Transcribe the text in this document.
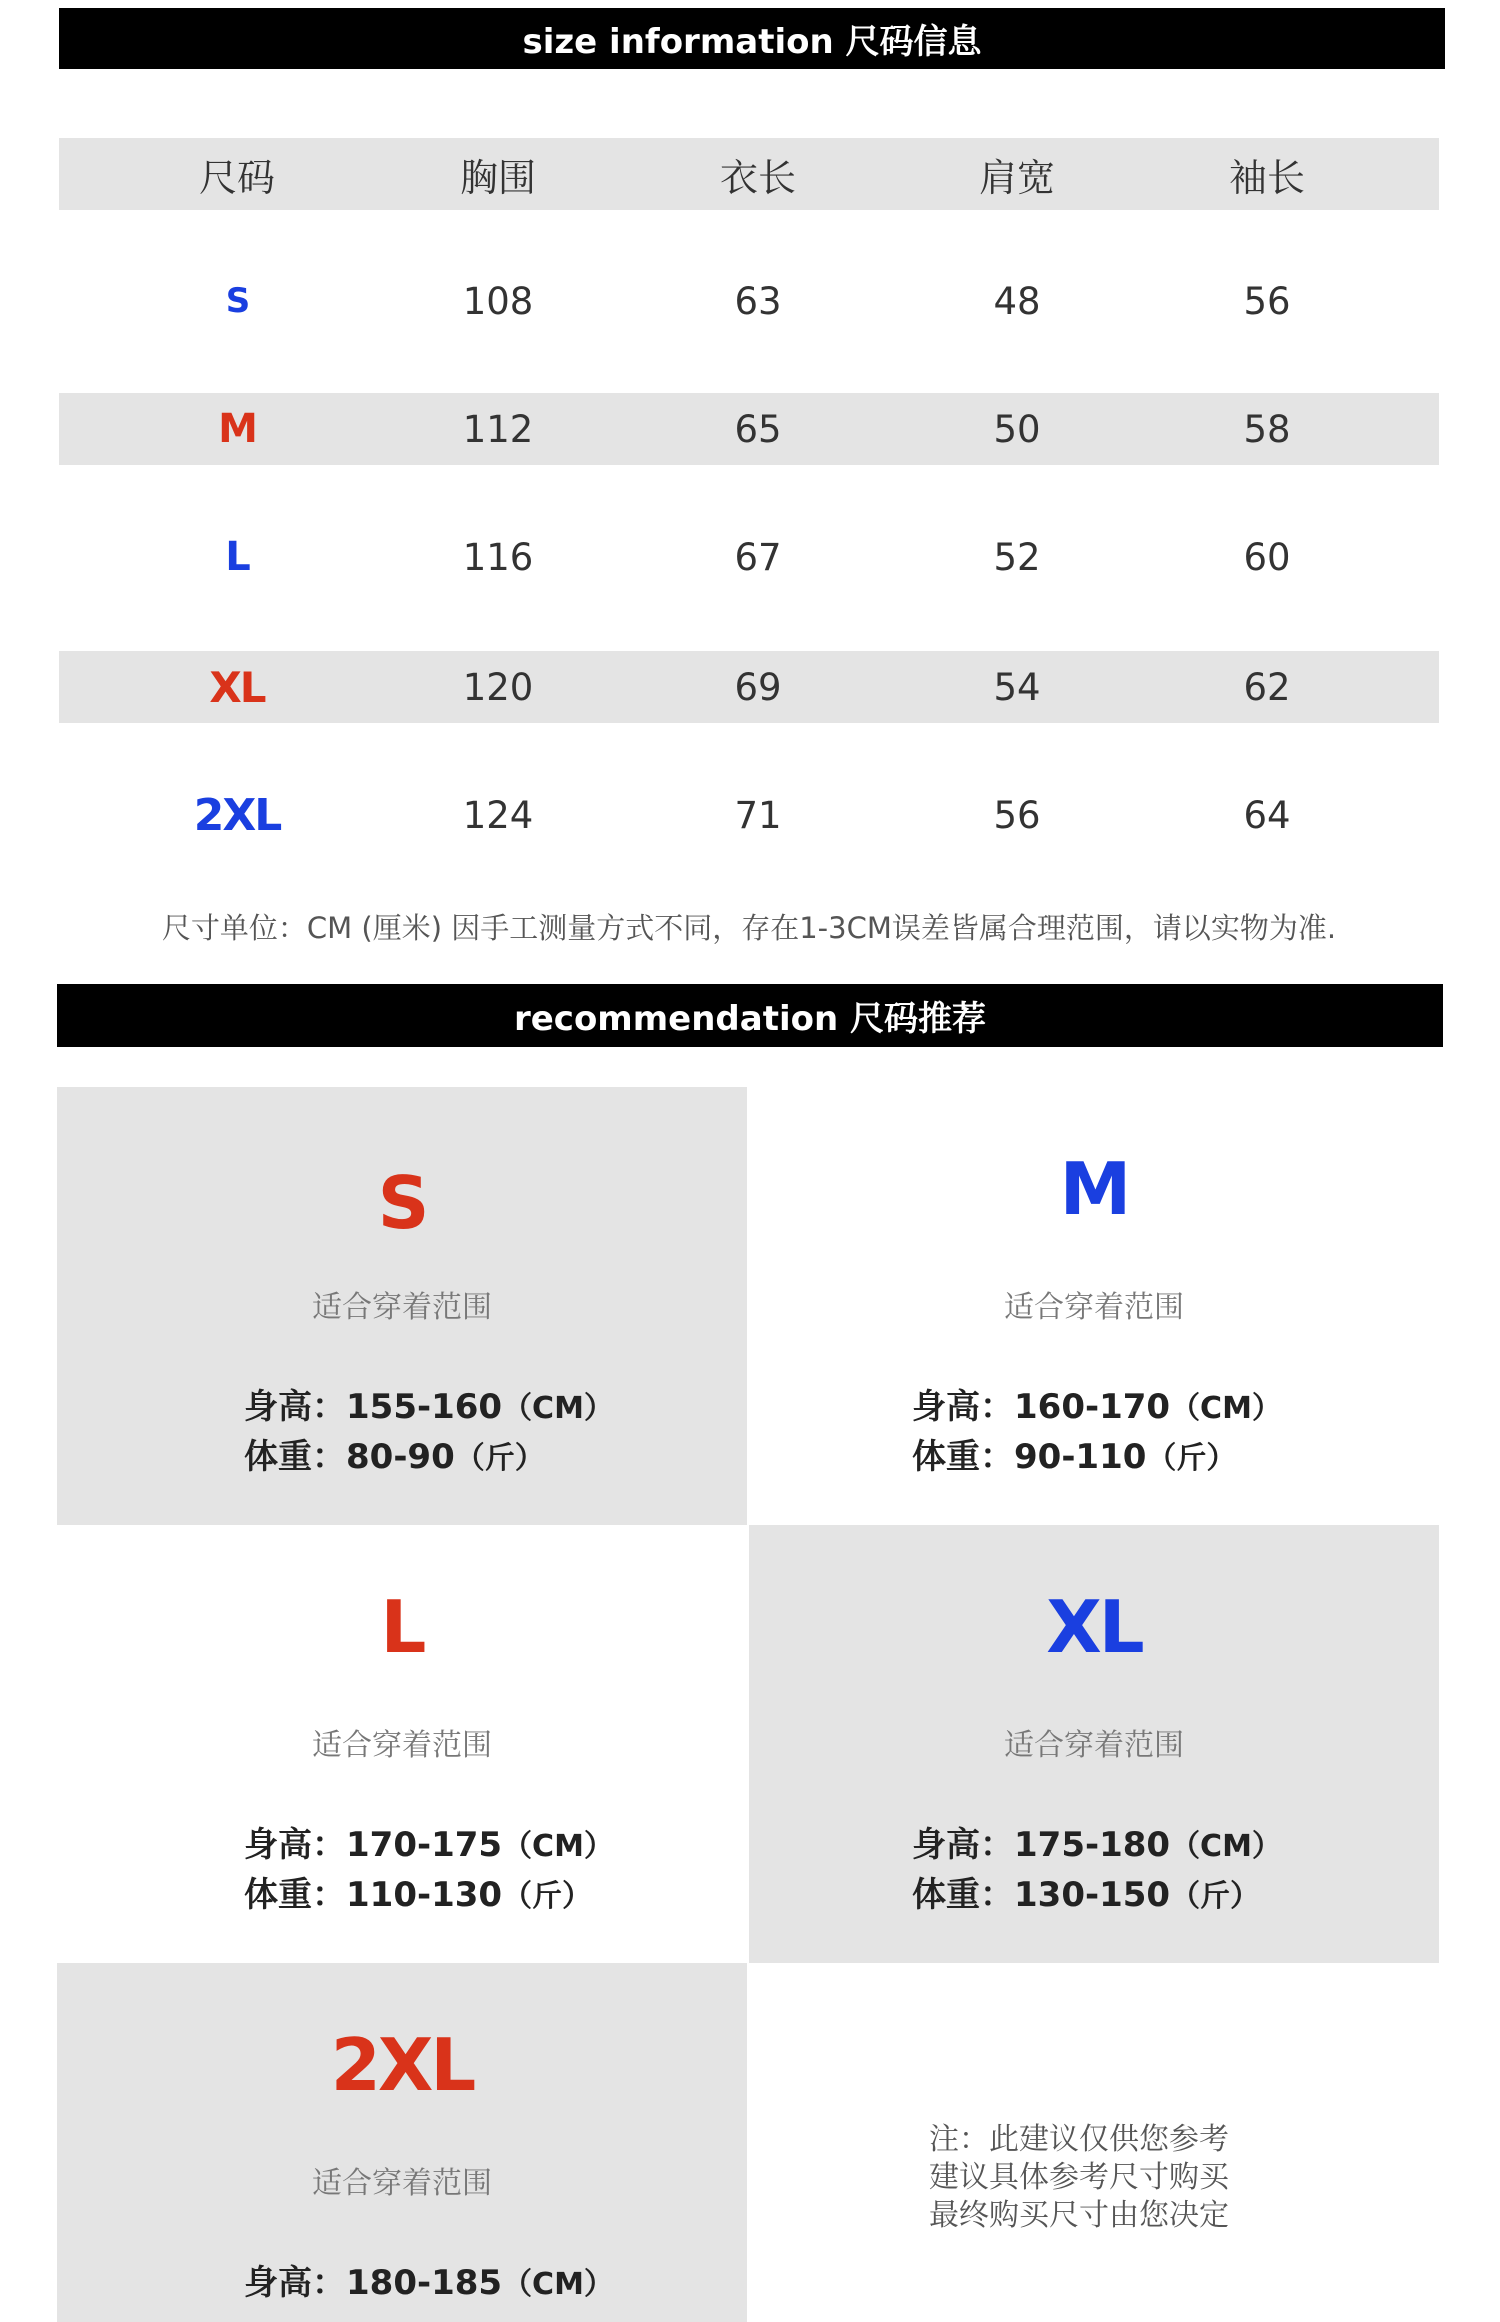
size information 尺码信息
尺码	胸围	衣长	肩宽	袖长
S	108	63	48	56
M	112	65	50	58
L	116	67	52	60
XL	120	69	54	62
2XL	124	71	56	64
尺寸单位：CM (厘米) 因手工测量方式不同，存在1-3CM误差皆属合理范围，请以实物为准.
recommendation 尺码推荐
S
适合穿着范围
身高：155-160（CM）
体重：80-90（斤）
M
适合穿着范围
身高：160-170（CM）
体重：90-110（斤）
L
适合穿着范围
身高：170-175（CM）
体重：110-130（斤）
XL
适合穿着范围
身高：175-180（CM）
体重：130-150（斤）
2XL
适合穿着范围
身高：180-185（CM）
注：此建议仅供您参考
建议具体参考尺寸购买
最终购买尺寸由您决定
